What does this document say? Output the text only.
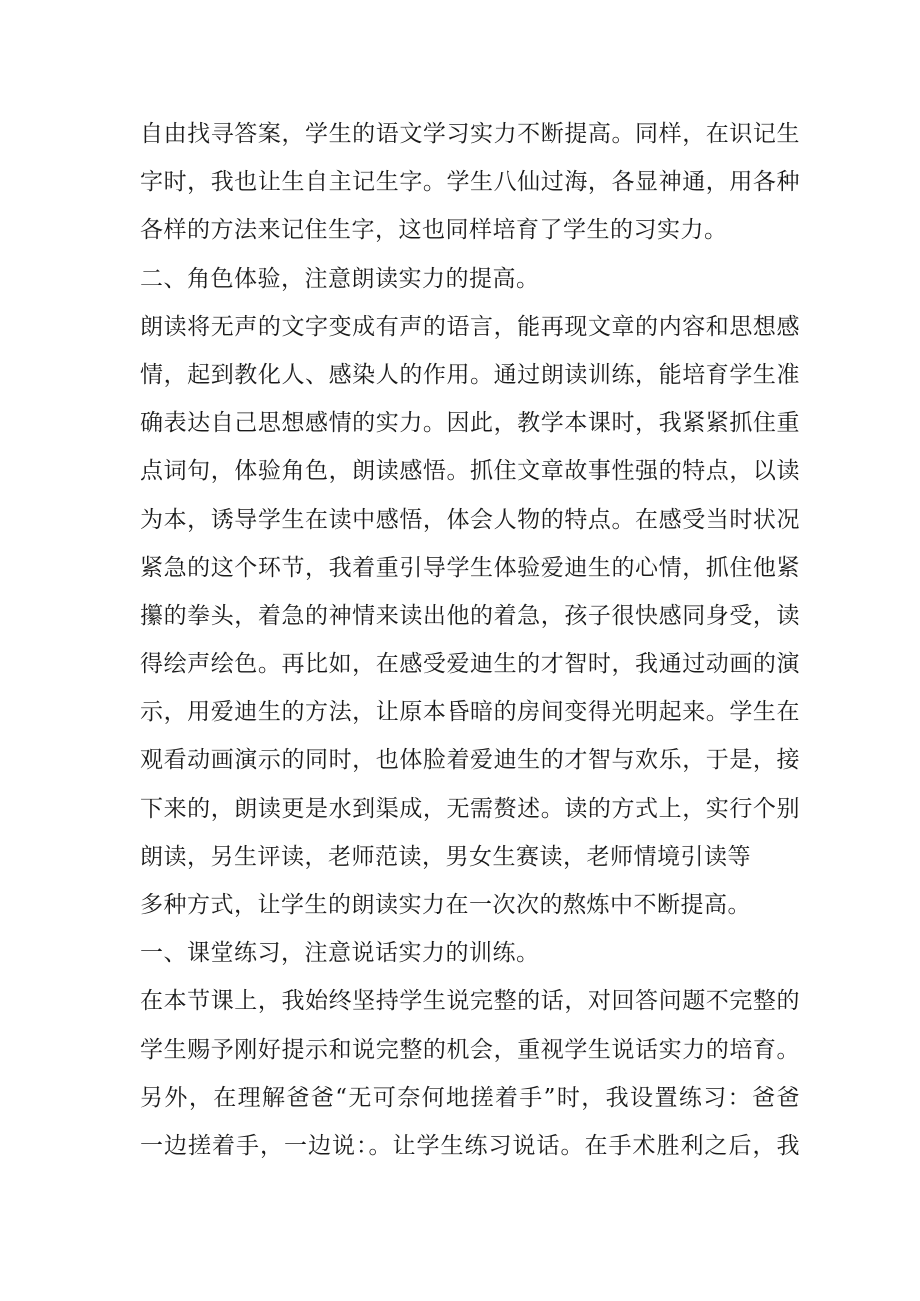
自由找寻答案，学生的语文学习实力不断提高。同样，在识记生
字时，我也让生自主记生字。学生八仙过海，各显神通，用各种
各样的方法来记住生字，这也同样培育了学生的习实力。
二、角色体验，注意朗读实力的提高。
朗读将无声的文字变成有声的语言，能再现文章的内容和思想感
情，起到教化人、感染人的作用。通过朗读训练，能培育学生准
确表达自己思想感情的实力。因此，教学本课时，我紧紧抓住重
点词句，体验角色，朗读感悟。抓住文章故事性强的特点，以读
为本，诱导学生在读中感悟，体会人物的特点。在感受当时状况
紧急的这个环节，我着重引导学生体验爱迪生的心情，抓住他紧
攥的拳头，着急的神情来读出他的着急，孩子很快感同身受，读
得绘声绘色。再比如，在感受爱迪生的才智时，我通过动画的演
示，用爱迪生的方法，让原本昏暗的房间变得光明起来。学生在
观看动画演示的同时，也体脸着爱迪生的才智与欢乐，于是，接
下来的，朗读更是水到渠成，无需赘述。读的方式上，实行个别
朗读，另生评读，老师范读，男女生赛读，老师情境引读等
多种方式，让学生的朗读实力在一次次的熬炼中不断提高。
一、课堂练习，注意说话实力的训练。
在本节课上，我始终坚持学生说完整的话，对回答问题不完整的
学生赐予刚好提示和说完整的机会，重视学生说话实力的培育。
另外，在理解爸爸“无可奈何地搓着手”时，我设置练习：爸爸
一边搓着手，一边说：。让学生练习说话。在手术胜利之后，我
